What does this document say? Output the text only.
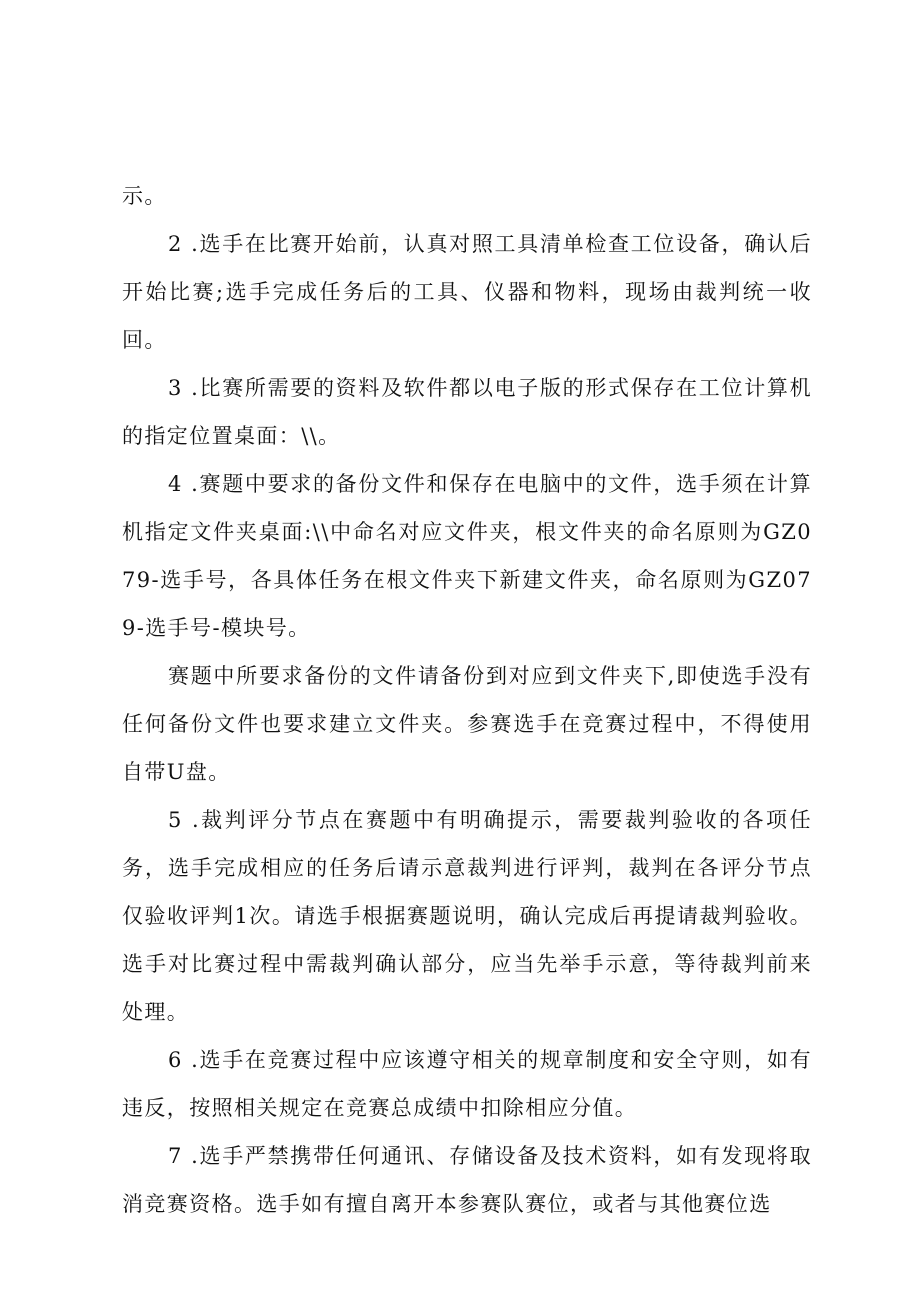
示。

2 .选手在比赛开始前，认真对照工具清单检查工位设备，确认后开始比赛;选手完成任务后的工具、仪器和物料，现场由裁判统一收回。

3 .比赛所需要的资料及软件都以电子版的形式保存在工位计算机的指定位置桌面：\\。

4 .赛题中要求的备份文件和保存在电脑中的文件，选手须在计算机指定文件夹桌面:\\中命名对应文件夹，根文件夹的命名原则为GZ079-选手号，各具体任务在根文件夹下新建文件夹，命名原则为GZ079-选手号-模块号。

赛题中所要求备份的文件请备份到对应到文件夹下,即使选手没有任何备份文件也要求建立文件夹。参赛选手在竞赛过程中，不得使用自带U盘。

5 .裁判评分节点在赛题中有明确提示，需要裁判验收的各项任务，选手完成相应的任务后请示意裁判进行评判，裁判在各评分节点仅验收评判1次。请选手根据赛题说明，确认完成后再提请裁判验收。选手对比赛过程中需裁判确认部分，应当先举手示意，等待裁判前来处理。

6 .选手在竞赛过程中应该遵守相关的规章制度和安全守则，如有违反，按照相关规定在竞赛总成绩中扣除相应分值。

7 .选手严禁携带任何通讯、存储设备及技术资料，如有发现将取消竞赛资格。选手如有擅自离开本参赛队赛位，或者与其他赛位选
